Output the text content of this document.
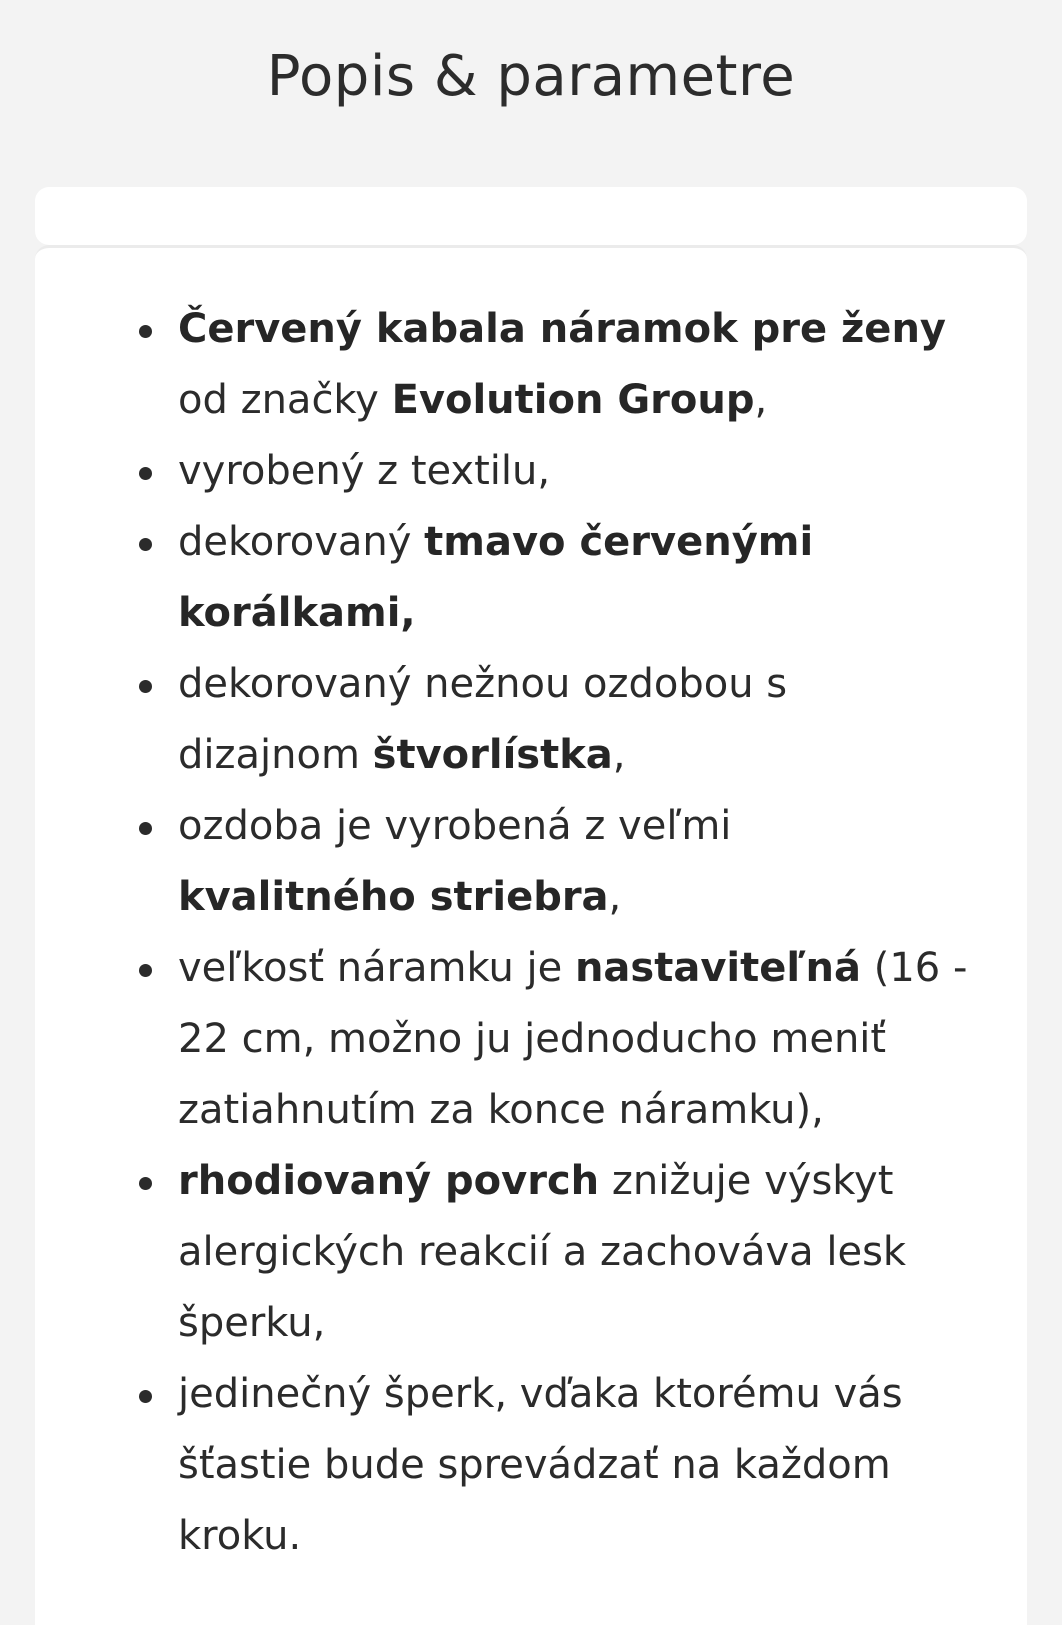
Popis & parametre
Červený kabala náramok pre ženy od značky Evolution Group,
vyrobený z textilu,
dekorovaný tmavo červenými korálkami,
dekorovaný nežnou ozdobou s dizajnom štvorlístka,
ozdoba je vyrobená z veľmi kvalitného striebra,
veľkosť náramku je nastaviteľná (16 - 22 cm, možno ju jednoducho meniť zatiahnutím za konce náramku),
rhodiovaný povrch znižuje výskyt alergických reakcií a zachováva lesk šperku,
jedinečný šperk, vďaka ktorému vás šťastie bude sprevádzať na každom kroku.
